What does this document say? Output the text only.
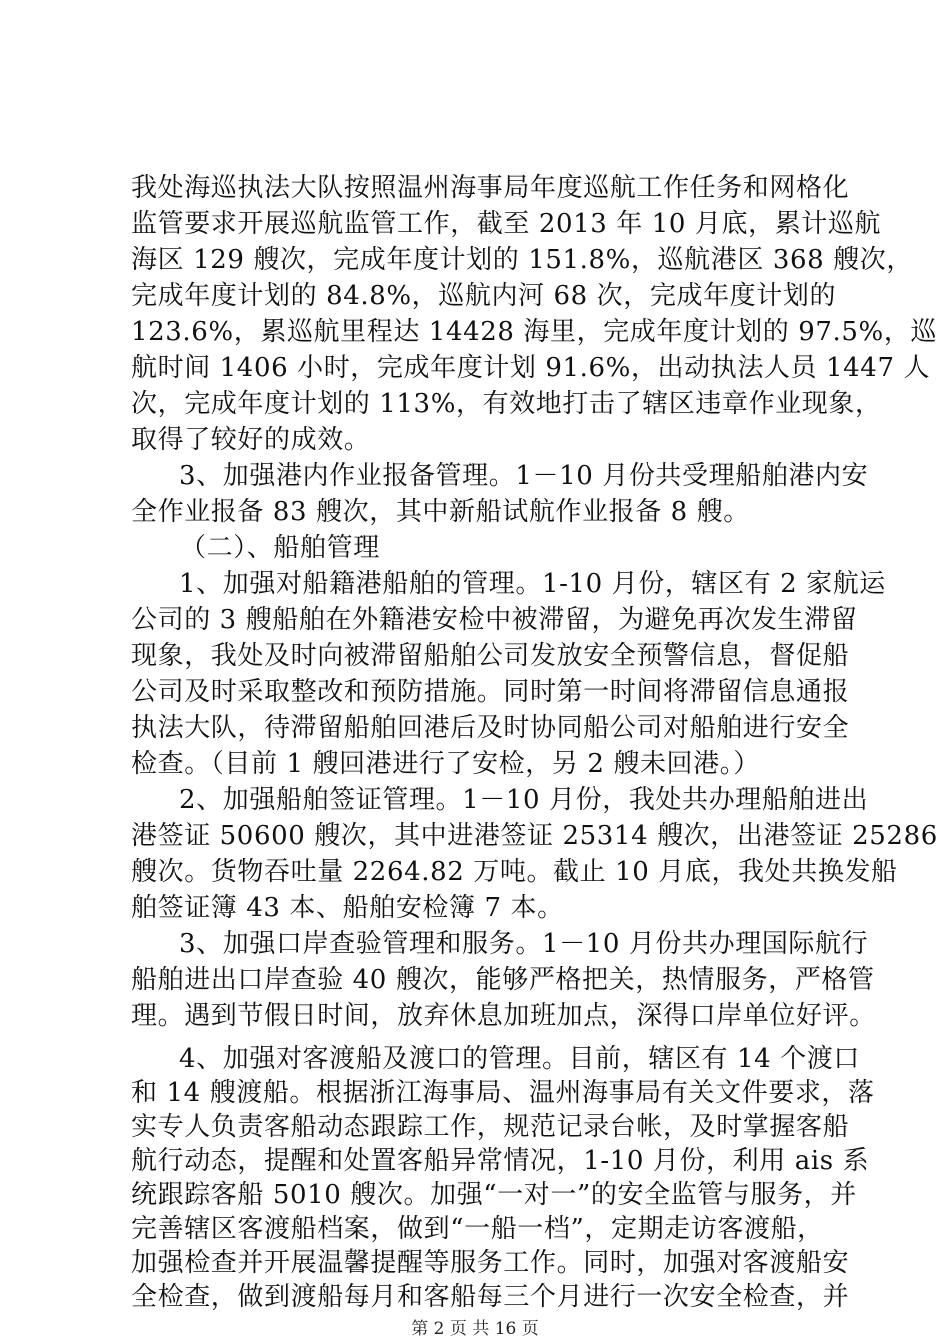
我处海巡执法大队按照温州海事局年度巡航工作任务和网格化
监管要求开展巡航监管工作，截至 2013 年 10 月底，累计巡航
海区 129 艘次，完成年度计划的 151.8%，巡航港区 368 艘次，
完成年度计划的 84.8%，巡航内河 68 次，完成年度计划的
123.6%，累巡航里程达 14428 海里，完成年度计划的 97.5%，巡
航时间 1406 小时，完成年度计划 91.6%，出动执法人员 1447 人
次，完成年度计划的 113%，有效地打击了辖区违章作业现象，
取得了较好的成效。
3、加强港内作业报备管理。1－10 月份共受理船舶港内安
全作业报备 83 艘次，其中新船试航作业报备 8 艘。
（二）、船舶管理
1、加强对船籍港船舶的管理。1-10 月份，辖区有 2 家航运
公司的 3 艘船舶在外籍港安检中被滞留，为避免再次发生滞留
现象，我处及时向被滞留船舶公司发放安全预警信息，督促船
公司及时采取整改和预防措施。同时第一时间将滞留信息通报
执法大队，待滞留船舶回港后及时协同船公司对船舶进行安全
检查。（目前 1 艘回港进行了安检，另 2 艘未回港。）
2、加强船舶签证管理。1－10 月份，我处共办理船舶进出
港签证 50600 艘次，其中进港签证 25314 艘次，出港签证 25286
艘次。货物吞吐量 2264.82 万吨。截止 10 月底，我处共换发船
舶签证簿 43 本、船舶安检簿 7 本。
3、加强口岸查验管理和服务。1－10 月份共办理国际航行
船舶进出口岸查验 40 艘次，能够严格把关，热情服务，严格管
理。遇到节假日时间，放弃休息加班加点，深得口岸单位好评。
4、加强对客渡船及渡口的管理。目前，辖区有 14 个渡口
和 14 艘渡船。根据浙江海事局、温州海事局有关文件要求，落
实专人负责客船动态跟踪工作，规范记录台帐，及时掌握客船
航行动态，提醒和处置客船异常情况，1-10 月份，利用 ais 系
统跟踪客船 5010 艘次。加强“一对一”的安全监管与服务，并
完善辖区客渡船档案，做到“一船一档”，定期走访客渡船，
加强检查并开展温馨提醒等服务工作。同时，加强对客渡船安
全检查，做到渡船每月和客船每三个月进行一次安全检查，并
第 2 页 共 16 页
